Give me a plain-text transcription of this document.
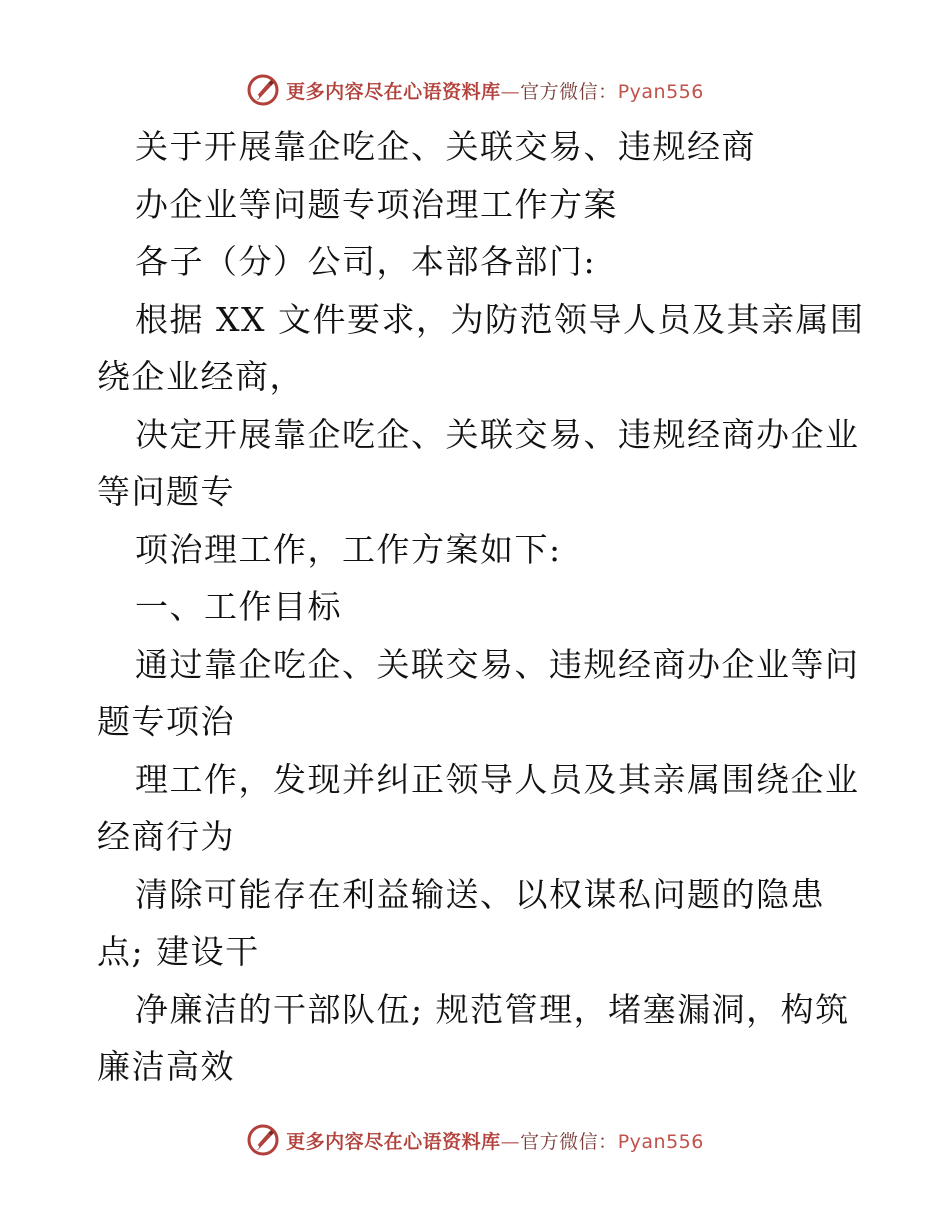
更多内容尽在心语资料库—官方微信：Pyan556
关于开展靠企吃企、关联交易、违规经商
办企业等问题专项治理工作方案
各子（分）公司，本部各部门:
根据 XX 文件要求，为防范领导人员及其亲属围
绕企业经商，
决定开展靠企吃企、关联交易、违规经商办企业
等问题专
项治理工作，工作方案如下:
一、工作目标
通过靠企吃企、关联交易、违规经商办企业等问
题专项治
理工作，发现并纠正领导人员及其亲属围绕企业
经商行为
清除可能存在利益输送、以权谋私问题的隐患
点; 建设干
净廉洁的干部队伍; 规范管理，堵塞漏洞，构筑
廉洁高效
更多内容尽在心语资料库—官方微信：Pyan556
